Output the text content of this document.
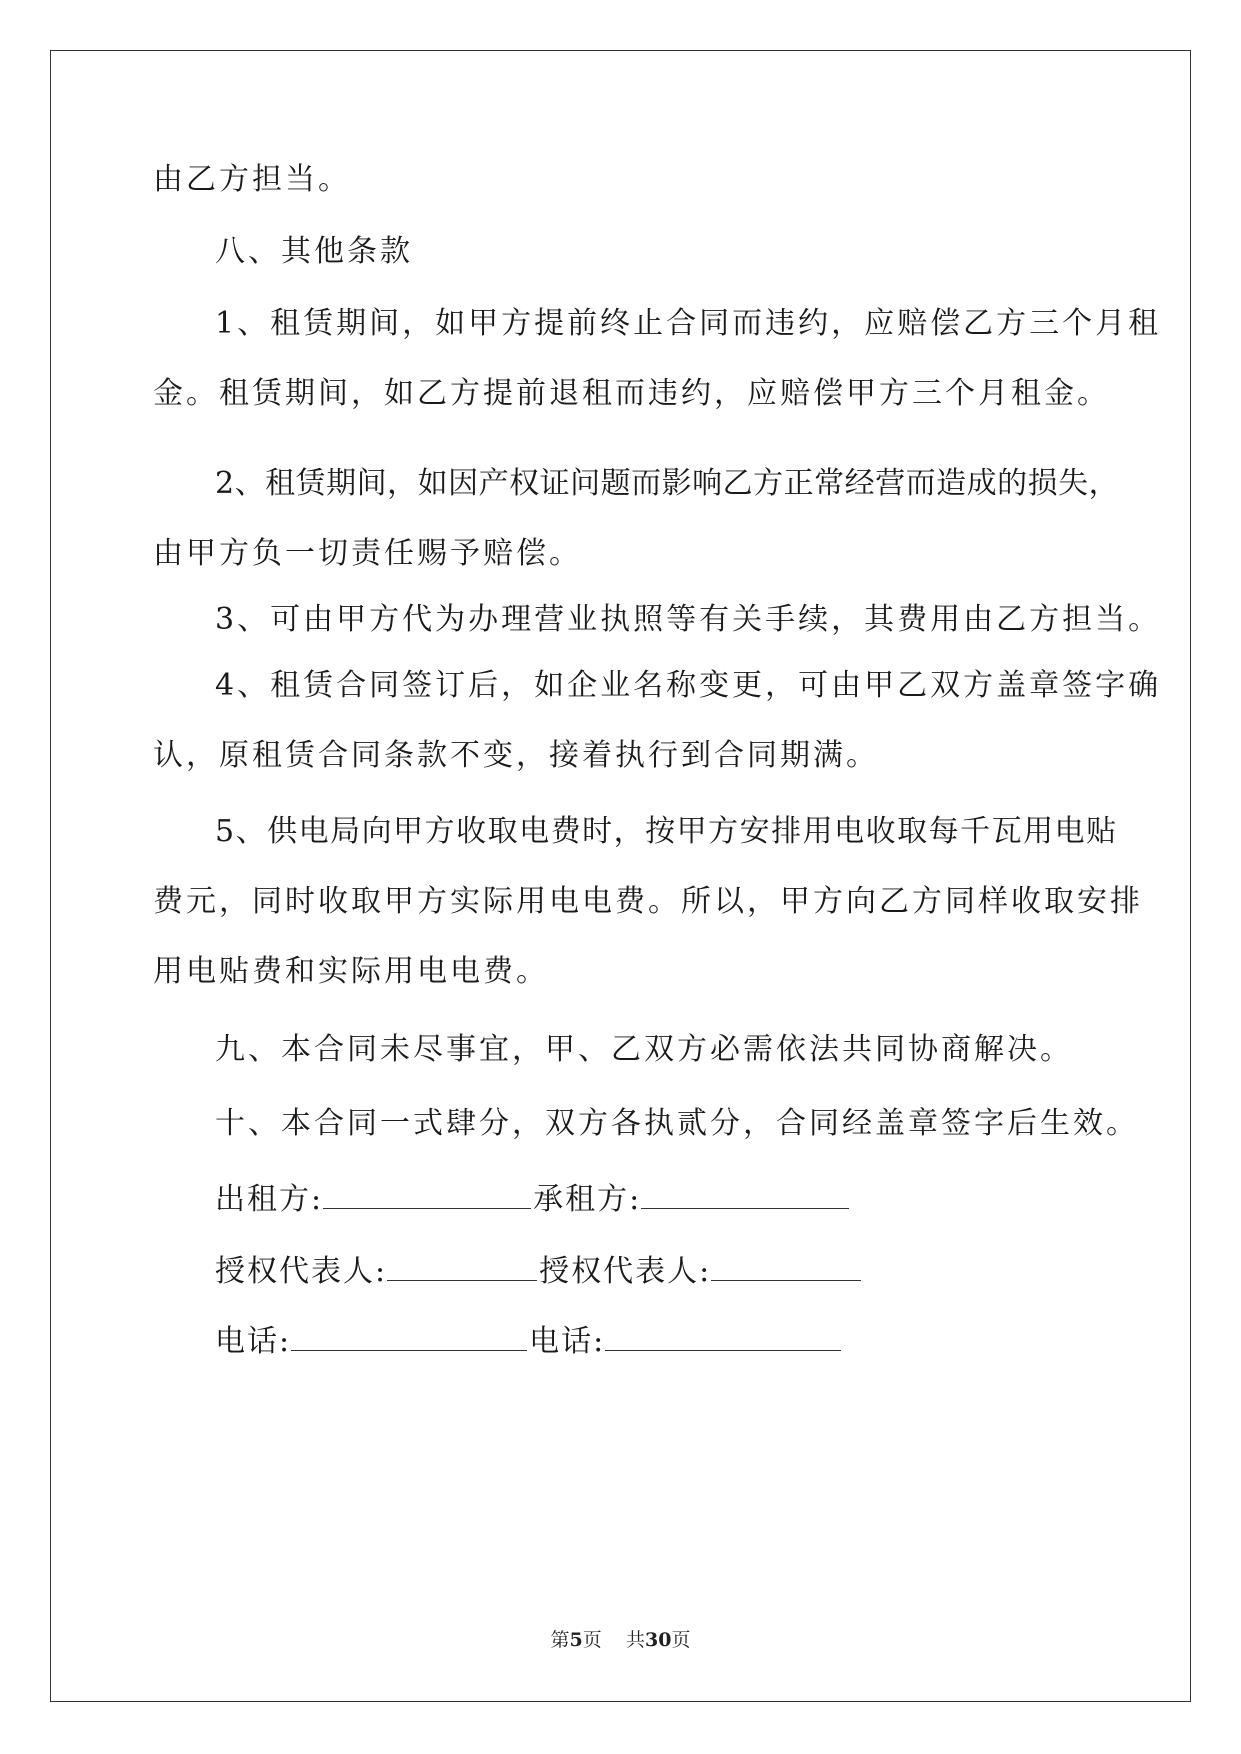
由乙方担当。
八、其他条款
1、租赁期间，如甲方提前终止合同而违约，应赔偿乙方三个月租
金。租赁期间，如乙方提前退租而违约，应赔偿甲方三个月租金。
2、租赁期间，如因产权证问题而影响乙方正常经营而造成的损失，
由甲方负一切责任赐予赔偿。
3、可由甲方代为办理营业执照等有关手续，其费用由乙方担当。
4、租赁合同签订后，如企业名称变更，可由甲乙双方盖章签字确
认，原租赁合同条款不变，接着执行到合同期满。
5、供电局向甲方收取电费时，按甲方安排用电收取每千瓦用电贴
费元，同时收取甲方实际用电电费。所以，甲方向乙方同样收取安排
用电贴费和实际用电电费。
九、本合同未尽事宜，甲、乙双方必需依法共同协商解决。
十、本合同一式肆分，双方各执贰分，合同经盖章签字后生效。
出租方:	承租方:
授权代表人:	授权代表人:
电话:	电话:
第5页 共30页
